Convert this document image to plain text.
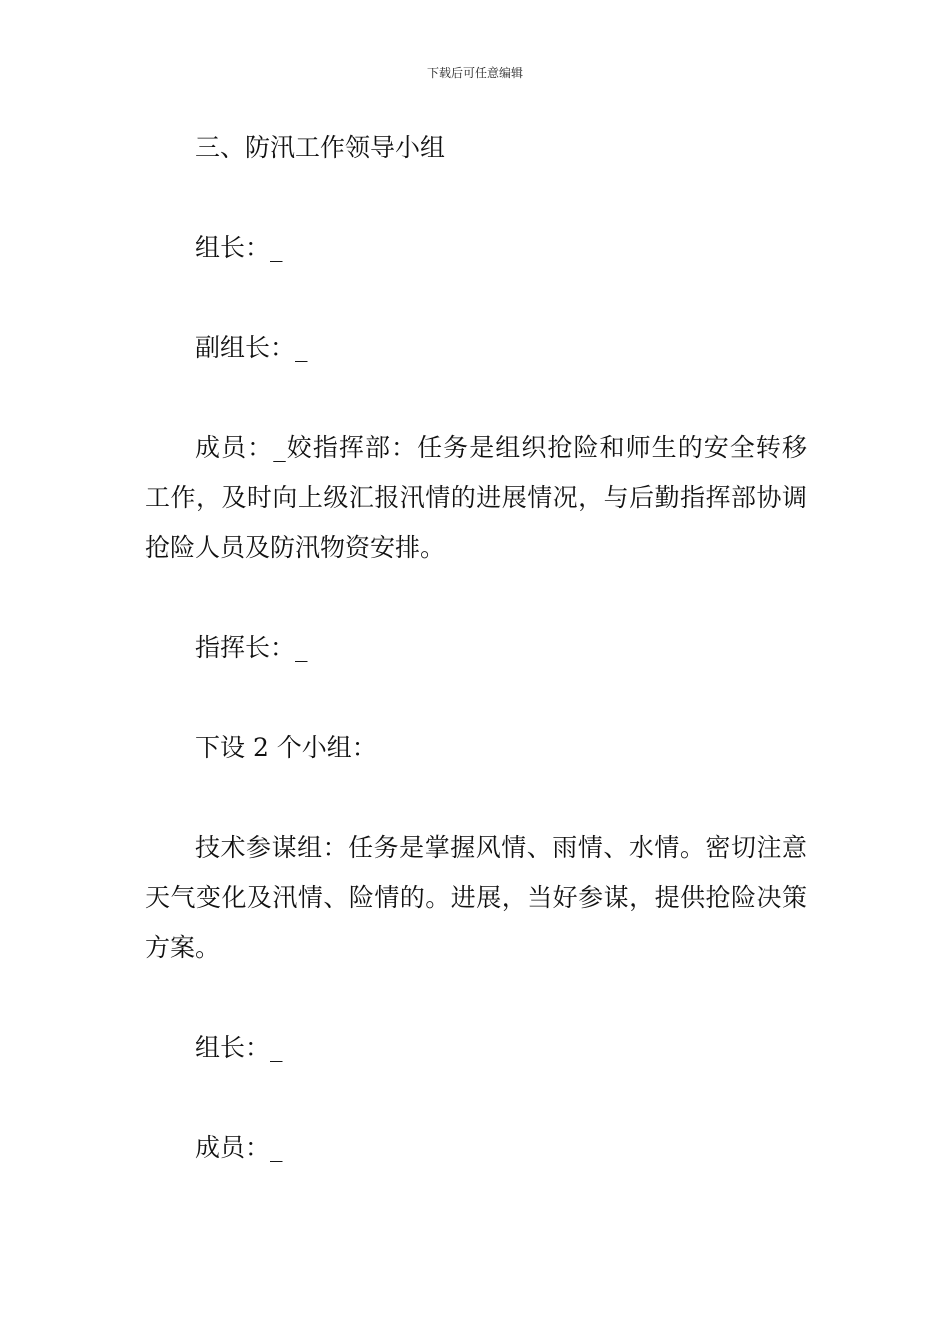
下载后可任意编辑

三、防汛工作领导小组

组长：_

副组长：_

成员：_姣指挥部：任务是组织抢险和师生的安全转移工作，及时向上级汇报汛情的进展情况，与后勤指挥部协调抢险人员及防汛物资安排。

指挥长：_

下设 2 个小组：

技术参谋组：任务是掌握风情、雨情、水情。密切注意天气变化及汛情、险情的。进展，当好参谋，提供抢险决策方案。

组长：_

成员：_
